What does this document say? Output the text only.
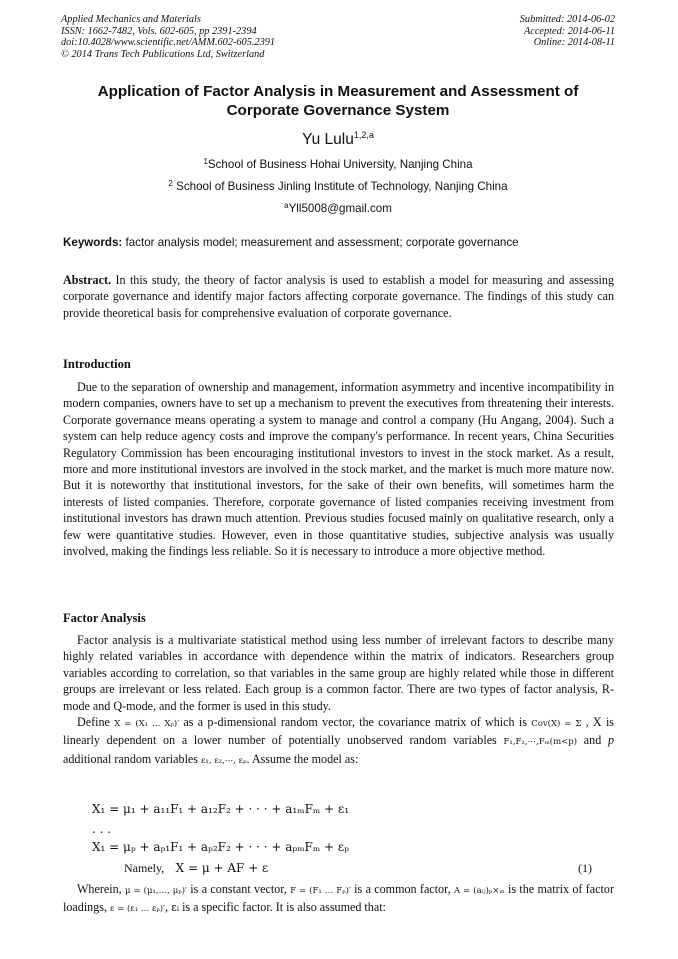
Applied Mechanics and Materials
ISSN: 1662-7482, Vols. 602-605, pp 2391-2394
doi:10.4028/www.scientific.net/AMM.602-605.2391
© 2014 Trans Tech Publications Ltd, Switzerland
Submitted: 2014-06-02
Accepted: 2014-06-11
Online: 2014-08-11
Application of Factor Analysis in Measurement and Assessment of
Corporate Governance System
Yu Lulu$^{1,2,a}$
$^1$School of Business Hohai University, Nanjing China
$^2$ School of Business Jinling Institute of Technology, Nanjing China
$^a$Yll5008@gmail.com
Keywords: factor analysis model; measurement and assessment; corporate governance

Abstract. In this study, the theory of factor analysis is used to establish a model for measuring and assessing corporate governance and identify major factors affecting corporate governance. The findings of this study can provide theoretical basis for comprehensive evaluation of corporate governance.

Introduction

Due to the separation of ownership and management, information asymmetry and incentive incompatibility in modern companies, owners have to set up a mechanism to prevent the executives from threatening their interests. Corporate governance means operating a system to manage and control a company (Hu Angang, 2004). Such a system can help reduce agency costs and improve the company's performance. In recent years, China Securities Regulatory Commission has been encouraging institutional investors to invest in the stock market. As a result, more and more institutional investors are involved in the stock market, and the market is much more mature now. But it is noteworthy that institutional investors, for the sake of their own benefits, will sometimes harm the interests of listed companies. Therefore, corporate governance of listed companies receiving investment from institutional investors has drawn much attention. Previous studies focused mainly on qualitative research, only a few were quantitative studies. However, even in those quantitative studies, subjective analysis was usually involved, making the findings less reliable. So it is necessary to introduce a more objective method.

Factor Analysis

Factor analysis is a multivariate statistical method using less number of irrelevant factors to describe many highly related variables in accordance with dependence within the matrix of indicators. Researchers group variables according to correlation, so that variables in the same group are highly related while those in different groups are irrelevant or less related. Each group is a common factor. There are two types of factor analysis, R-mode and Q-mode, and the former is used in this study.

Define X = (X₁ … Xₚ)′ as a p-dimensional random vector, the covariance matrix of which is Cov(X) = Σ , X is linearly dependent on a lower number of potentially unobserved random variables F₁,F₂,⋯,Fₘ(m<p) and p additional random variables ε₁, ε₂,⋯, εₚ. Assume the model as:

X₁ = μ₁ + a₁₁F₁ + a₁₂F₂ + · · · + a₁ₘFₘ + ε₁
. . .
X₁ = μₚ + aₚ₁F₁ + aₚ₂F₂ + · · · + aₚₘFₘ + εₚ
Namely, X = μ + AF + ε	(1)

Wherein, μ = (μ₁,…, μₚ)′ is a constant vector, F = (F₁ … Fₚ)′ is a common factor, A = (aᵢⱼ)ₚ×ₘ is the matrix of factor loadings, ε = (ε₁ … εₚ)′, εᵢ is a specific factor. It is also assumed that:
